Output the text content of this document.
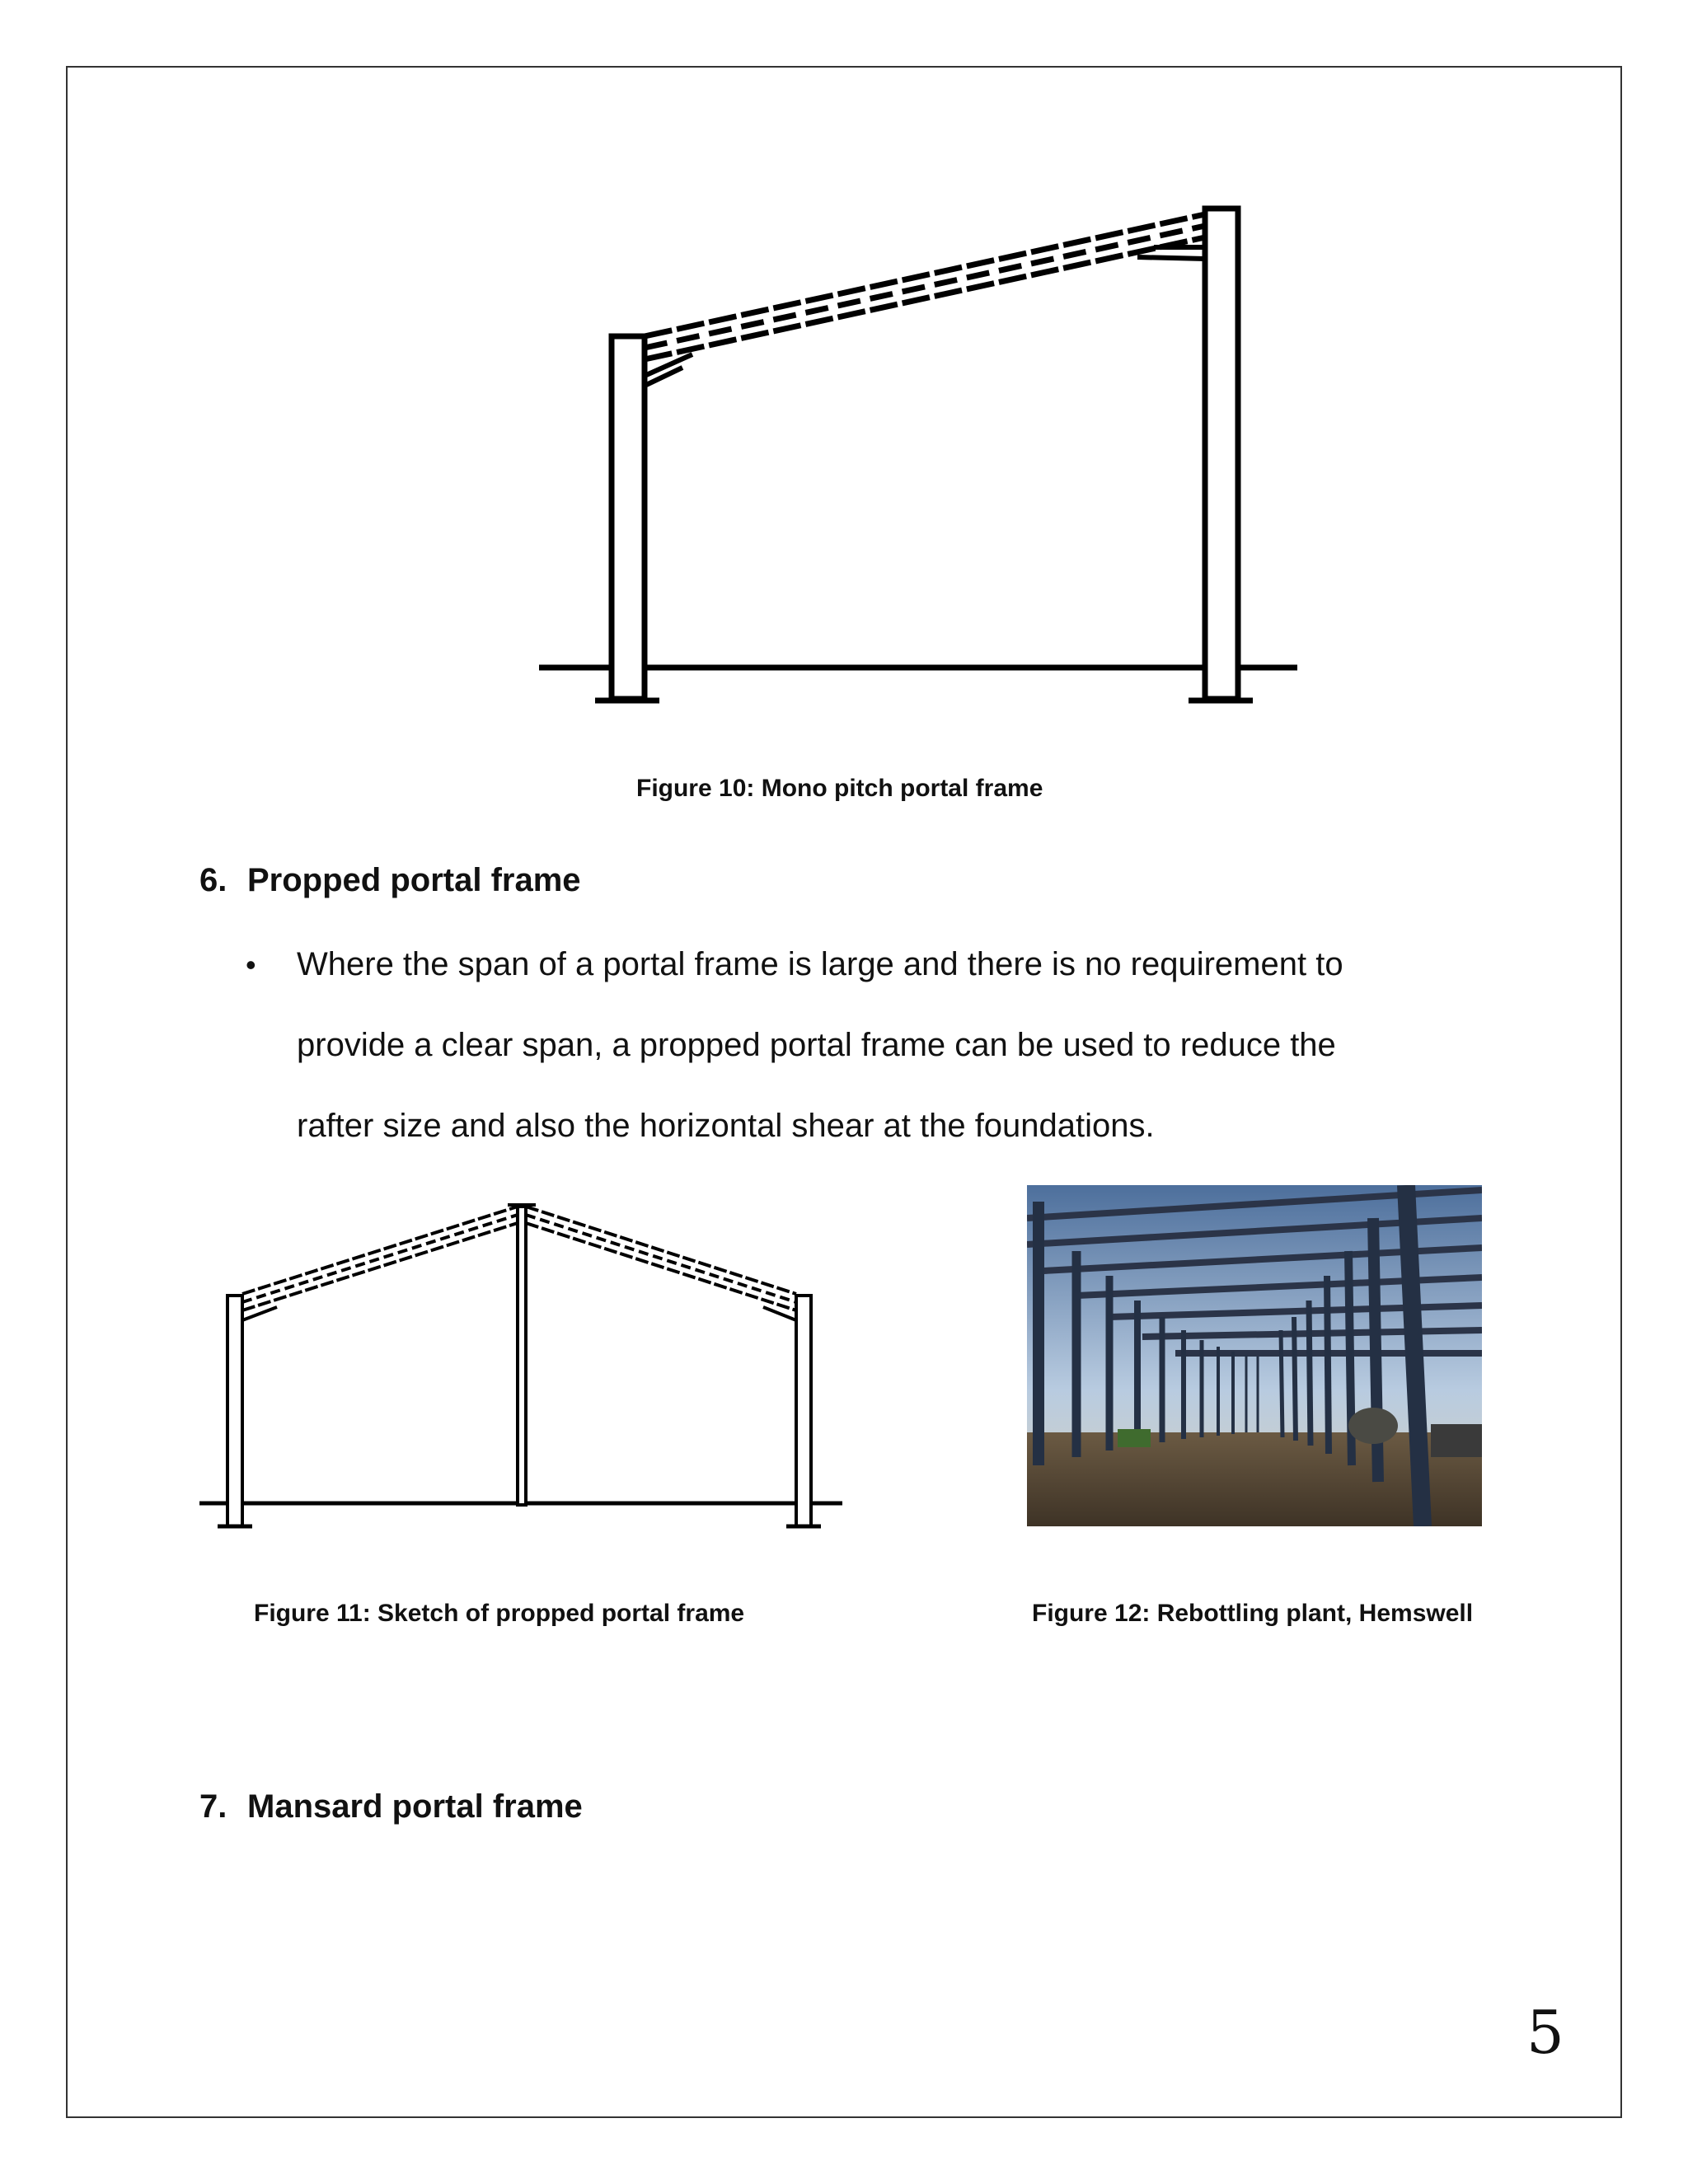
Figure 10: Mono pitch portal frame
6. Propped portal frame
• Where the span of a portal frame is large and there is no requirement to
provide a clear span, a propped portal frame can be used to reduce the
rafter size and also the horizontal shear at the foundations.
Figure 11: Sketch of propped portal frame	Figure 12: Rebottling plant, Hemswell
7. Mansard portal frame
5
